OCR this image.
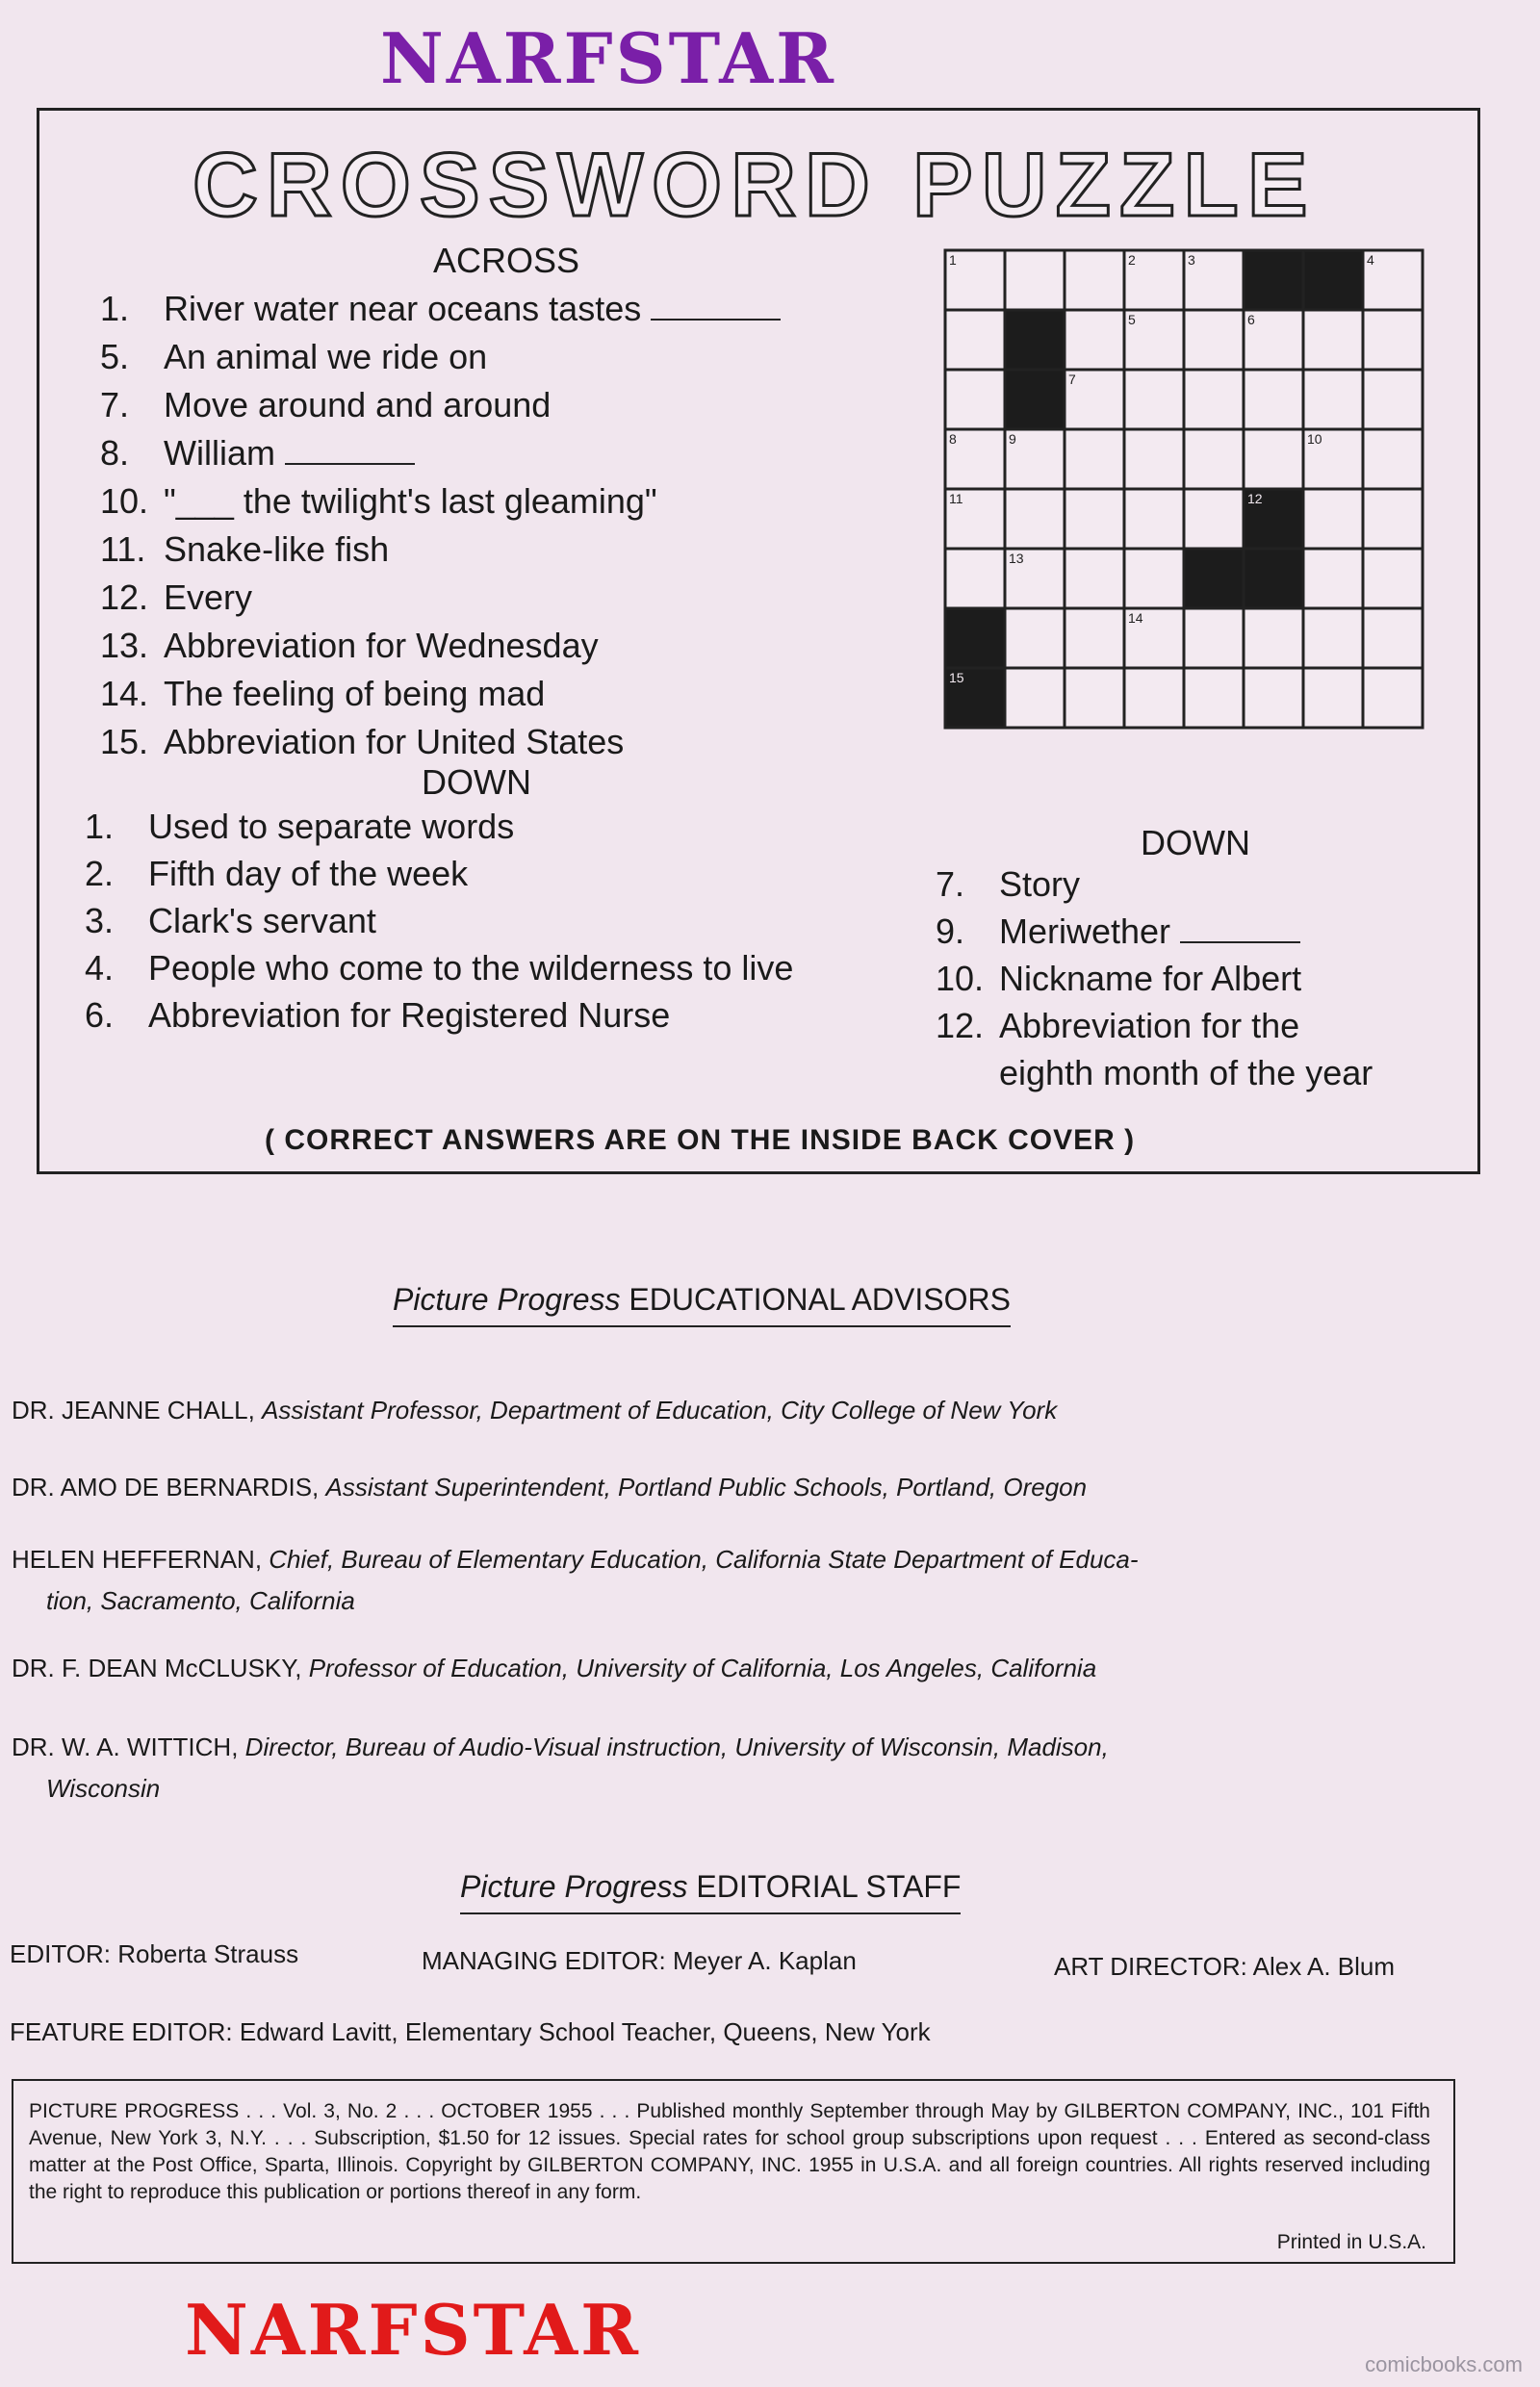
NARFSTAR
CROSSWORD PUZZLE
ACROSS
1. River water near oceans tastes
5. An animal we ride on
7. Move around and around
8. William
10. "___ the twilight's last gleaming"
11. Snake-like fish
12. Every
13. Abbreviation for Wednesday
14. The feeling of being mad
15. Abbreviation for United States
DOWN
1. Used to separate words
2. Fifth day of the week
3. Clark's servant
4. People who come to the wilderness to live
6. Abbreviation for Registered Nurse
DOWN
7. Story
9. Meriwether
10. Nickname for Albert
12. Abbreviation for the
eighth month of the year
1	2	3	4
5	6
7
8	9	10
11	12
13
14
15
( CORRECT ANSWERS ARE ON THE INSIDE BACK COVER )
Picture Progress EDUCATIONAL ADVISORS
DR. JEANNE CHALL, Assistant Professor, Department of Education, City College of New York
DR. AMO DE BERNARDIS, Assistant Superintendent, Portland Public Schools, Portland, Oregon
HELEN HEFFERNAN, Chief, Bureau of Elementary Education, California State Department of Educa-
tion, Sacramento, California
DR. F. DEAN McCLUSKY, Professor of Education, University of California, Los Angeles, California
DR. W. A. WITTICH, Director, Bureau of Audio-Visual instruction, University of Wisconsin, Madison,
Wisconsin
Picture Progress EDITORIAL STAFF
EDITOR: Roberta Strauss	MANAGING EDITOR: Meyer A. Kaplan	ART DIRECTOR: Alex A. Blum
FEATURE EDITOR: Edward Lavitt, Elementary School Teacher, Queens, New York

PICTURE PROGRESS . . . Vol. 3, No. 2 . . . OCTOBER 1955 . . . Published monthly September through May by GILBERTON COMPANY, INC., 101 Fifth Avenue, New York 3, N.Y. . . . Subscription, $1.50 for 12 issues. Special rates for school group subscriptions upon request . . . Entered as second-class matter at the Post Office, Sparta, Illinois. Copyright by GILBERTON COMPANY, INC. 1955 in U.S.A. and all foreign countries. All rights reserved including the right to reproduce this publication or portions thereof in any form.

Printed in U.S.A.
NARFSTAR	comicbooks.com
